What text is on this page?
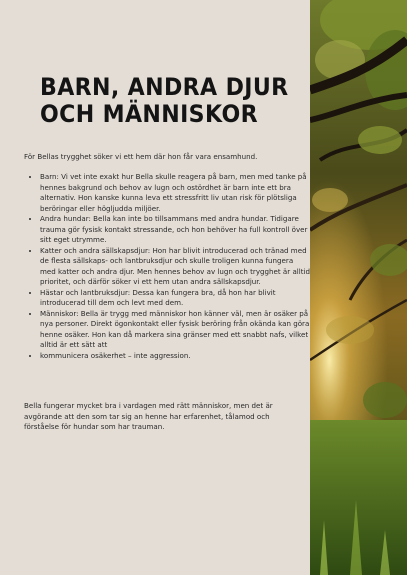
BARN, ANDRA DJUR
OCH MÄNNISKOR

För Bellas trygghet söker vi ett hem där hon får vara ensamhund.

• Barn: Vi vet inte exakt hur Bella skulle reagera på barn, men med tanke på hennes bakgrund och behov av lugn och ostördhet är barn inte ett bra alternativ. Hon kanske kunna leva ett stressfritt liv utan risk för plötsliga beröringar eller högljudda miljöer.
• Andra hundar: Bella kan inte bo tillsammans med andra hundar. Tidigare trauma gör fysisk kontakt stressande, och hon behöver ha full kontroll över sitt eget utrymme.
• Katter och andra sällskapsdjur: Hon har blivit introducerad och tränad med de flesta sällskaps- och lantbruksdjur och skulle troligen kunna fungera med katter och andra djur. Men hennes behov av lugn och trygghet är alltid prioritet, och därför söker vi ett hem utan andra sällskapsdjur.
• Hästar och lantbruksdjur: Dessa kan fungera bra, då hon har blivit introducerad till dem och levt med dem.
• Människor: Bella är trygg med människor hon känner väl, men är osäker på nya personer. Direkt ögonkontakt eller fysisk beröring från okända kan göra henne osäker. Hon kan då markera sina gränser med ett snabbt nafs, vilket alltid är ett sätt att
• kommunicera osäkerhet – inte aggression.

Bella fungerar mycket bra i vardagen med rätt människor, men det är avgörande att den som tar sig an henne har erfarenhet, tålamod och förståelse för hundar som har trauman.
